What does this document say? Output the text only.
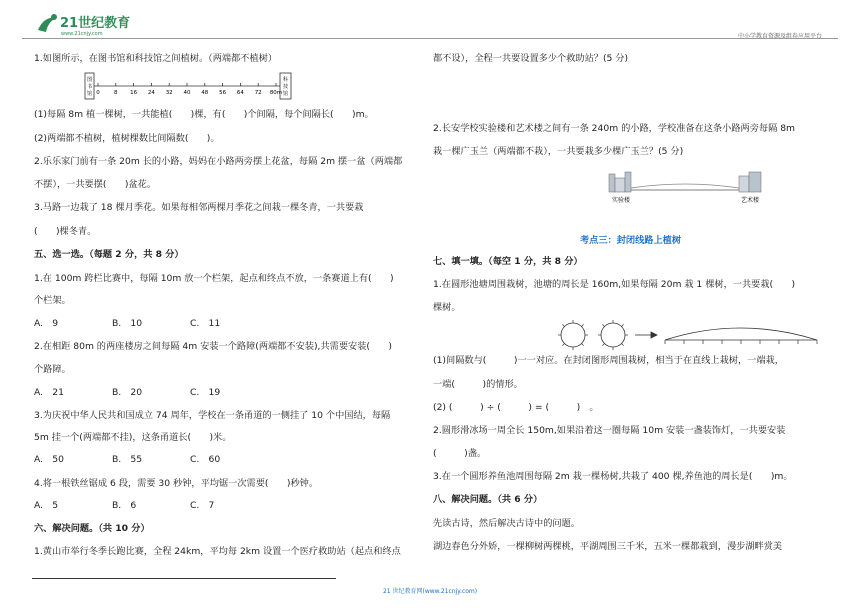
21世纪教育
www.21cnjy.com	中小学教育资源及组卷应用平台
1.如图所示，在图书馆和科技馆之间植树。（两端都不植树）
图
书
馆 0	8 16 24 32 40 48 56 64 72 80m
科
技
馆
(1)每隔 8m 植一棵树，一共能植(　　)棵，有(　　)个间隔，每个间隔长(　　)m。
(2)两端都不植树，植树棵数比间隔数(　　)。
2.乐乐家门前有一条 20m 长的小路，妈妈在小路两旁摆上花盆，每隔 2m 摆一盆（两端都
不摆），一共要摆(　　)盆花。
3.马路一边栽了 18 棵月季花。如果每相邻两棵月季花之间栽一棵冬青，一共要栽
(　　)棵冬青。
五、选一选。（每题 2 分，共 8 分）
1.在 100m 跨栏比赛中，每隔 10m 放一个栏架，起点和终点不放，一条赛道上有(　　)
个栏架。
A.　9	B.　10	C.　11
2.在相距 80m 的两座楼房之间每隔 4m 安装一个路障(两端都不安装),共需要安装(　　)
个路障。
A.　21	B.　20	C.　19
3.为庆祝中华人民共和国成立 74 周年，学校在一条甬道的一侧挂了 10 个中国结，每隔
5m 挂一个(两端都不挂)，这条甬道长(　　)米。
A.　50	B.　55	C.　60
4.将一根铁丝锯成 6 段，需要 30 秒钟，平均锯一次需要(　　)秒钟。
A.　5	B.　6	C.　7
六、解决问题。（共 10 分）
1.黄山市举行冬季长跑比赛，全程 24km，平均每 2km 设置一个医疗救助站（起点和终点
都不设），全程一共要设置多少个救助站？(5 分)
2.长安学校实验楼和艺术楼之间有一条 240m 的小路，学校准备在这条小路两旁每隔 8m
栽一棵广玉兰（两端都不栽），一共要栽多少棵广玉兰？(5 分)
实验楼	艺术楼
考点三：封闭线路上植树
七、填一填。（每空 1 分，共 8 分）
1.在圆形池塘周围栽树，池塘的周长是 160m,如果每隔 20m 栽 1 棵树，一共要栽(　　)
棵树。
(1)间隔数与(　　　)一一对应。在封闭图形周围栽树，相当于在直线上栽树，一端栽，
一端(　　　)的情形。
(2) (　　　) ÷ (　　　) = (　　　)　。
2.圆形滑冰场一周全长 150m,如果沿着这一圈每隔 10m 安装一盏装饰灯，一共要安装
(　　　)盏。
3.在一个圆形养鱼池周围每隔 2m 栽一棵杨树,共栽了 400 棵,养鱼池的周长是(　　)m。
八、解决问题。（共 6 分）
先读古诗，然后解决古诗中的问题。
湖边春色分外娇，一棵柳树两棵桃，平湖周围三千米，五米一棵都栽到，漫步湖畔赏美
21 世纪教育网(www.21cnjy.com)
